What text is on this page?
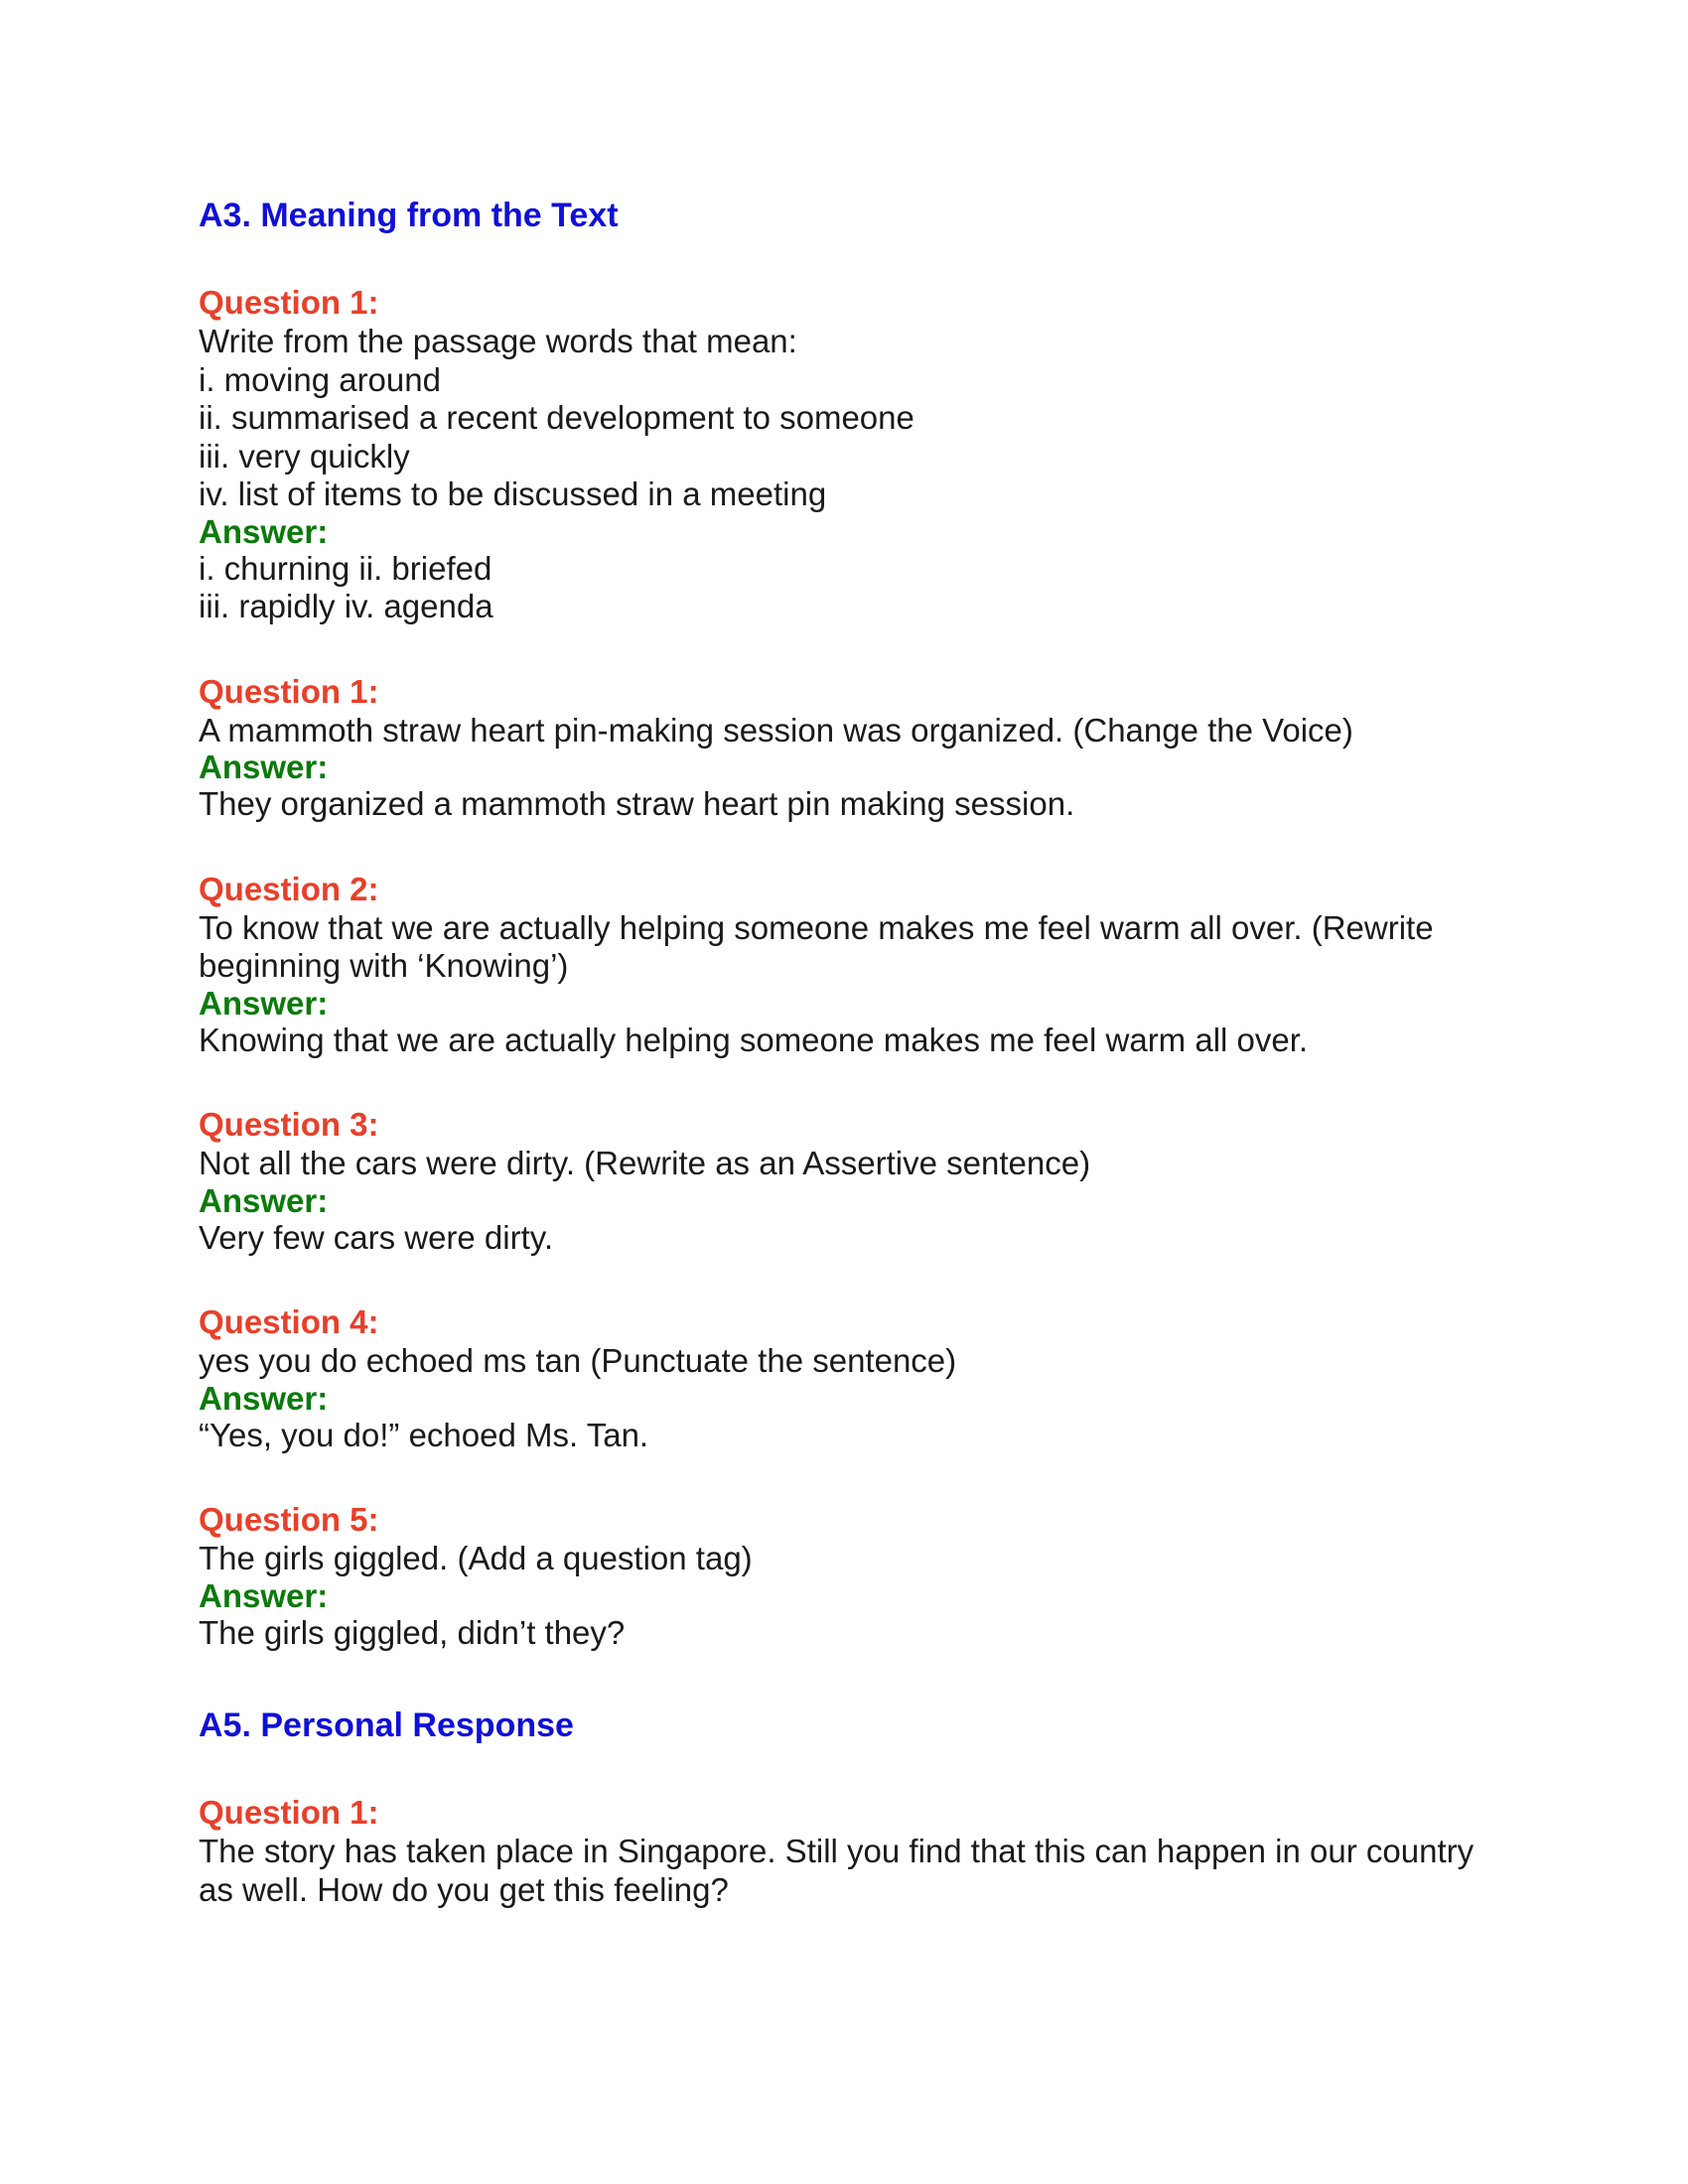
A3. Meaning from the Text
Question 1:
Write from the passage words that mean:
i. moving around
ii. summarised a recent development to someone
iii. very quickly
iv. list of items to be discussed in a meeting
Answer:
i. churning ii. briefed
iii. rapidly iv. agenda
Question 1:
A mammoth straw heart pin-making session was organized. (Change the Voice)
Answer:
They organized a mammoth straw heart pin making session.
Question 2:
To know that we are actually helping someone makes me feel warm all over. (Rewrite
beginning with ‘Knowing’)
Answer:
Knowing that we are actually helping someone makes me feel warm all over.
Question 3:
Not all the cars were dirty. (Rewrite as an Assertive sentence)
Answer:
Very few cars were dirty.
Question 4:
yes you do echoed ms tan (Punctuate the sentence)
Answer:
“Yes, you do!” echoed Ms. Tan.
Question 5:
The girls giggled. (Add a question tag)
Answer:
The girls giggled, didn’t they?
A5. Personal Response
Question 1:
The story has taken place in Singapore. Still you find that this can happen in our country
as well. How do you get this feeling?
